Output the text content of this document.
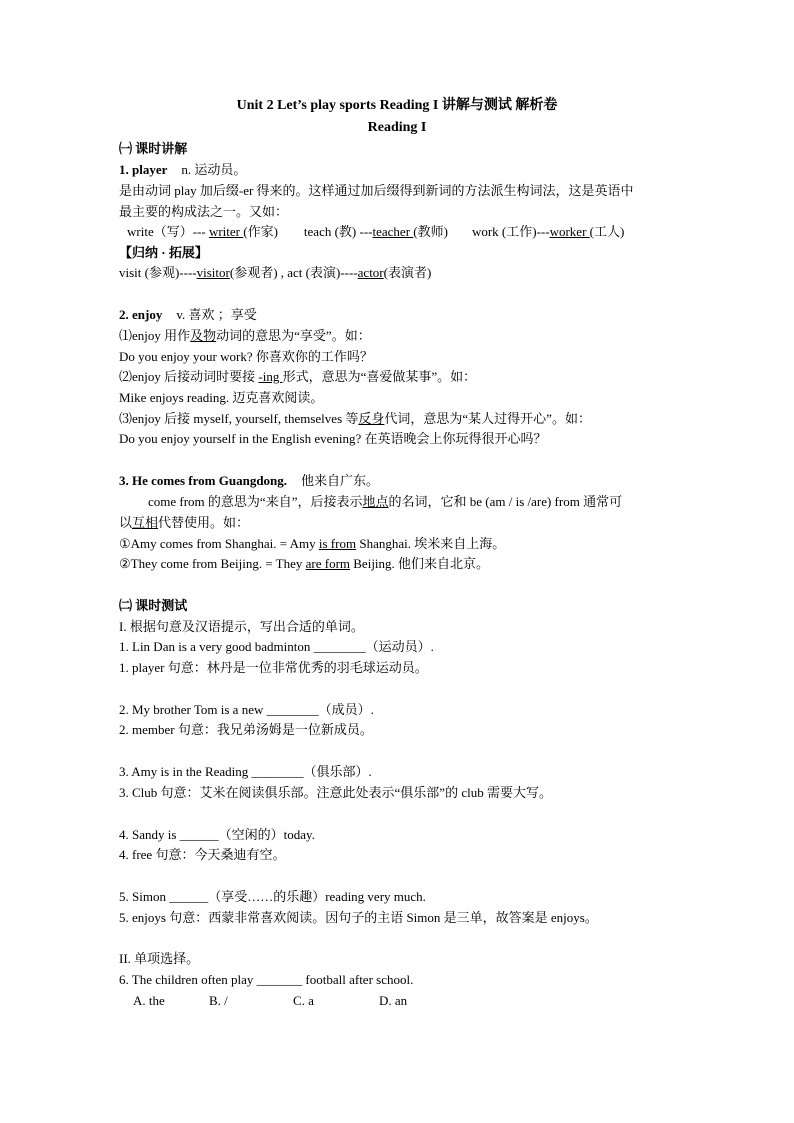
Unit 2 Let’s play sports Reading I 讲解与测试 解析卷
Reading I
㈠ 课时讲解
1. player n. 运动员。
是由动词 play 加后缀-er 得来的。这样通过加后缀得到新词的方法派生构词法，这是英语中
最主要的构成法之一。又如：
write（写）--- writer (作家) teach (教) ---teacher (教师) work (工作)---worker (工人)
【归纳 · 拓展】
visit (参观)----visitor(参观者) , act (表演)----actor(表演者)
2. enjoy v. 喜欢 ；享受
⑴enjoy 用作及物动词的意思为“享受”。如：
Do you enjoy your work? 你喜欢你的工作吗？
⑵enjoy 后接动词时要接 -ing 形式，意思为“喜爱做某事”。如：
Mike enjoys reading. 迈克喜欢阅读。
⑶enjoy 后接 myself, yourself, themselves 等反身代词，意思为“某人过得开心”。如：
Do you enjoy yourself in the English evening? 在英语晚会上你玩得很开心吗？
3. He comes from Guangdong. 他来自广东。
come from 的意思为“来自”，后接表示地点的名词，它和 be (am / is /are) from 通常可
以互相代替使用。如：
①Amy comes from Shanghai. = Amy is from Shanghai. 埃米来自上海。
②They come from Beijing. = They are form Beijing. 他们来自北京。
㈡ 课时测试
I. 根据句意及汉语提示，写出合适的单词。
1. Lin Dan is a very good badminton ________（运动员）.
1. player 句意：林丹是一位非常优秀的羽毛球运动员。
2. My brother Tom is a new ________（成员）.
2. member 句意：我兄弟汤姆是一位新成员。
3. Amy is in the Reading ________（俱乐部）.
3. Club 句意：艾米在阅读俱乐部。注意此处表示“俱乐部”的 club 需要大写。
4. Sandy is ______（空闲的）today.
4. free 句意：今天桑迪有空。
5. Simon ______（享受……的乐趣）reading very much.
5. enjoys 句意：西蒙非常喜欢阅读。因句子的主语 Simon 是三单，故答案是 enjoys。
II. 单项选择。
6. The children often play _______ football after school.
A. the	B. /	C. a	D. an
